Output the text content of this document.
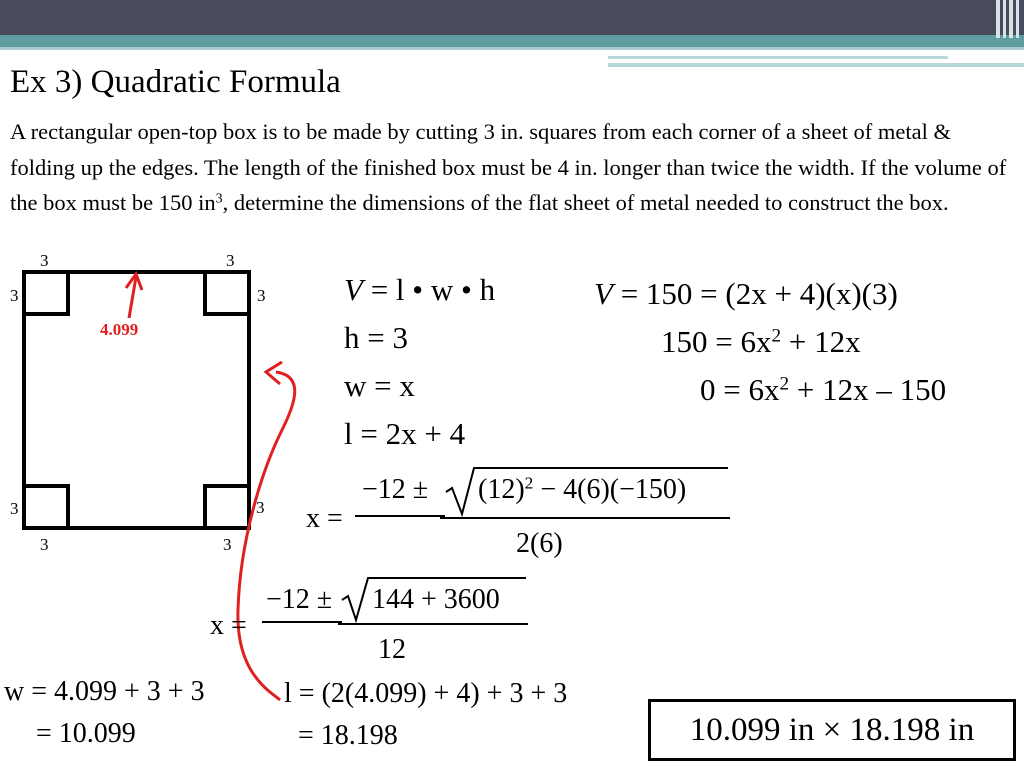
Ex 3) Quadratic Formula
A rectangular open-top box is to be made by cutting 3 in. squares from each corner of a sheet of metal & folding up the edges. The length of the finished box must be 4 in. longer than twice the width. If the volume of the box must be 150 $in^3$, determine the dimensions of the flat sheet of metal needed to construct the box.
3	3
3	3
3	3
3	3
4.099
V = l • w • h
h = 3
w = x
l = 2x + 4
V = 150 = (2x + 4)(x)(3)
$150 = 6x^2 + 12x$
$0 = 6x^2 + 12x - 150$
x =
$-12 \pm (12)^2 - 4(6)(-150)$
2(6)
x =
−12 ± 144 + 3600
12
w = 4.099 + 3 + 3
= 10.099
l = (2(4.099) + 4) + 3 + 3
= 18.198	10.099 in × 18.198 in
